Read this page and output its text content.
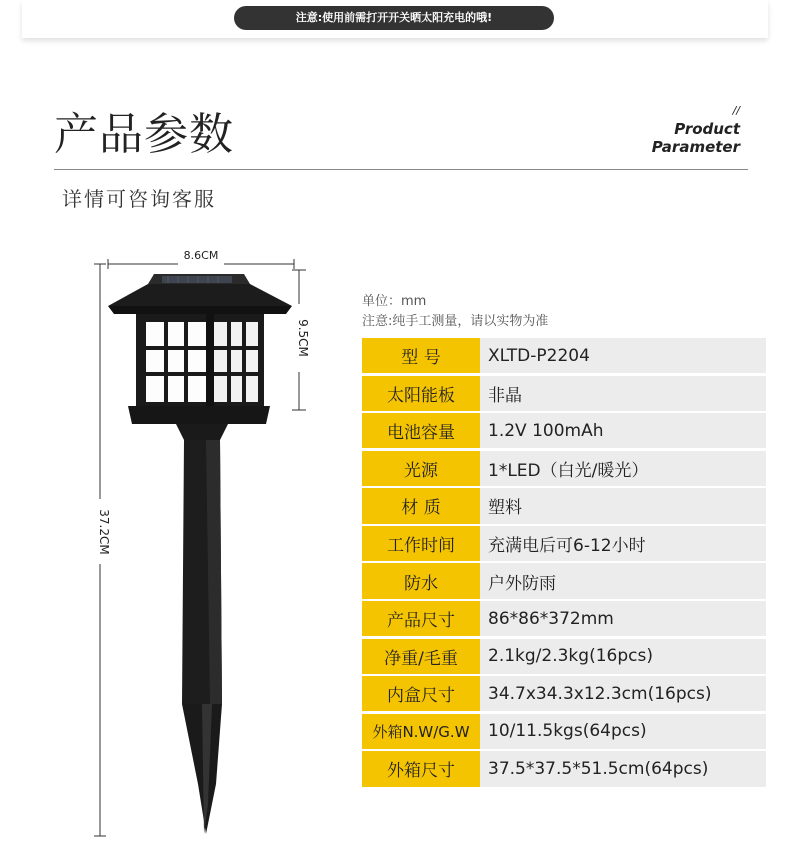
注意:使用前需打开开关晒太阳充电的哦!
产品参数	//
Product
Parameter
详情可咨询客服
37.2CM
8.6CM
9.5CM
单位：mm
注意:纯手工测量，请以实物为准
型 号	XLTD-P2204
太阳能板	非晶
电池容量	1.2V 100mAh
光源	1*LED（白光/暖光）
材 质	塑料
工作时间	充满电后可6-12小时
防水	户外防雨
产品尺寸	86*86*372mm
净重/毛重	2.1kg/2.3kg(16pcs)
内盒尺寸	34.7x34.3x12.3cm(16pcs)
外箱N.W/G.W	10/11.5kgs(64pcs)
外箱尺寸	37.5*37.5*51.5cm(64pcs)
